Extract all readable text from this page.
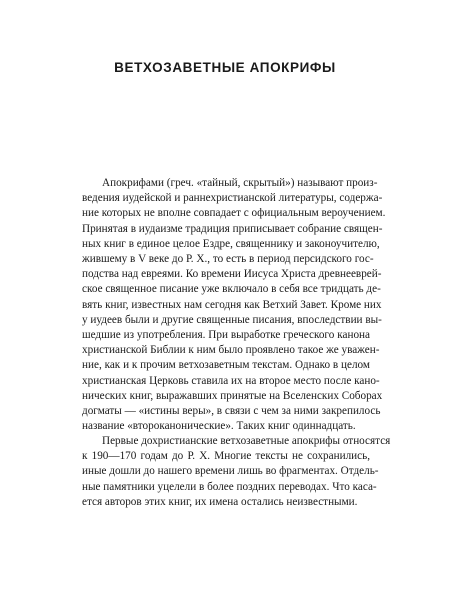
ВЕТХОЗАВЕТНЫЕ АПОКРИФЫ
Апокрифами (греч. «тайный, скрытый») называют произ-
ведения иудейской и раннехристианской литературы, содержа-
ние которых не вполне совпадает с официальным вероучением.
Принятая в иудаизме традиция приписывает собрание священ-
ных книг в единое целое Ездре, священнику и законоучителю,
жившему в V веке до Р. Х., то есть в период персидского гос-
подства над евреями. Ко времени Иисуса Христа древнееврей-
ское священное писание уже включало в себя все тридцать де-
вять книг, известных нам сегодня как Ветхий Завет. Кроме них
у иудеев были и другие священные писания, впоследствии вы-
шедшие из употребления. При выработке греческого канона
христианской Библии к ним было проявлено такое же уважен-
ние, как и к прочим ветхозаветным текстам. Однако в целом
христианская Церковь ставила их на второе место после кано-
нических книг, выражавших принятые на Вселенских Соборах
догматы — «истины веры», в связи с чем за ними закрепилось
название «второканонические». Таких книг одиннадцать.
Первые дохристианские ветхозаветные апокрифы относятся
к 190—170 годам до Р. Х. Многие тексты не сохранились,
иные дошли до нашего времени лишь во фрагментах. Отдель-
ные памятники уцелели в более поздних переводах. Что каса-
ется авторов этих книг, их имена остались неизвестными.
